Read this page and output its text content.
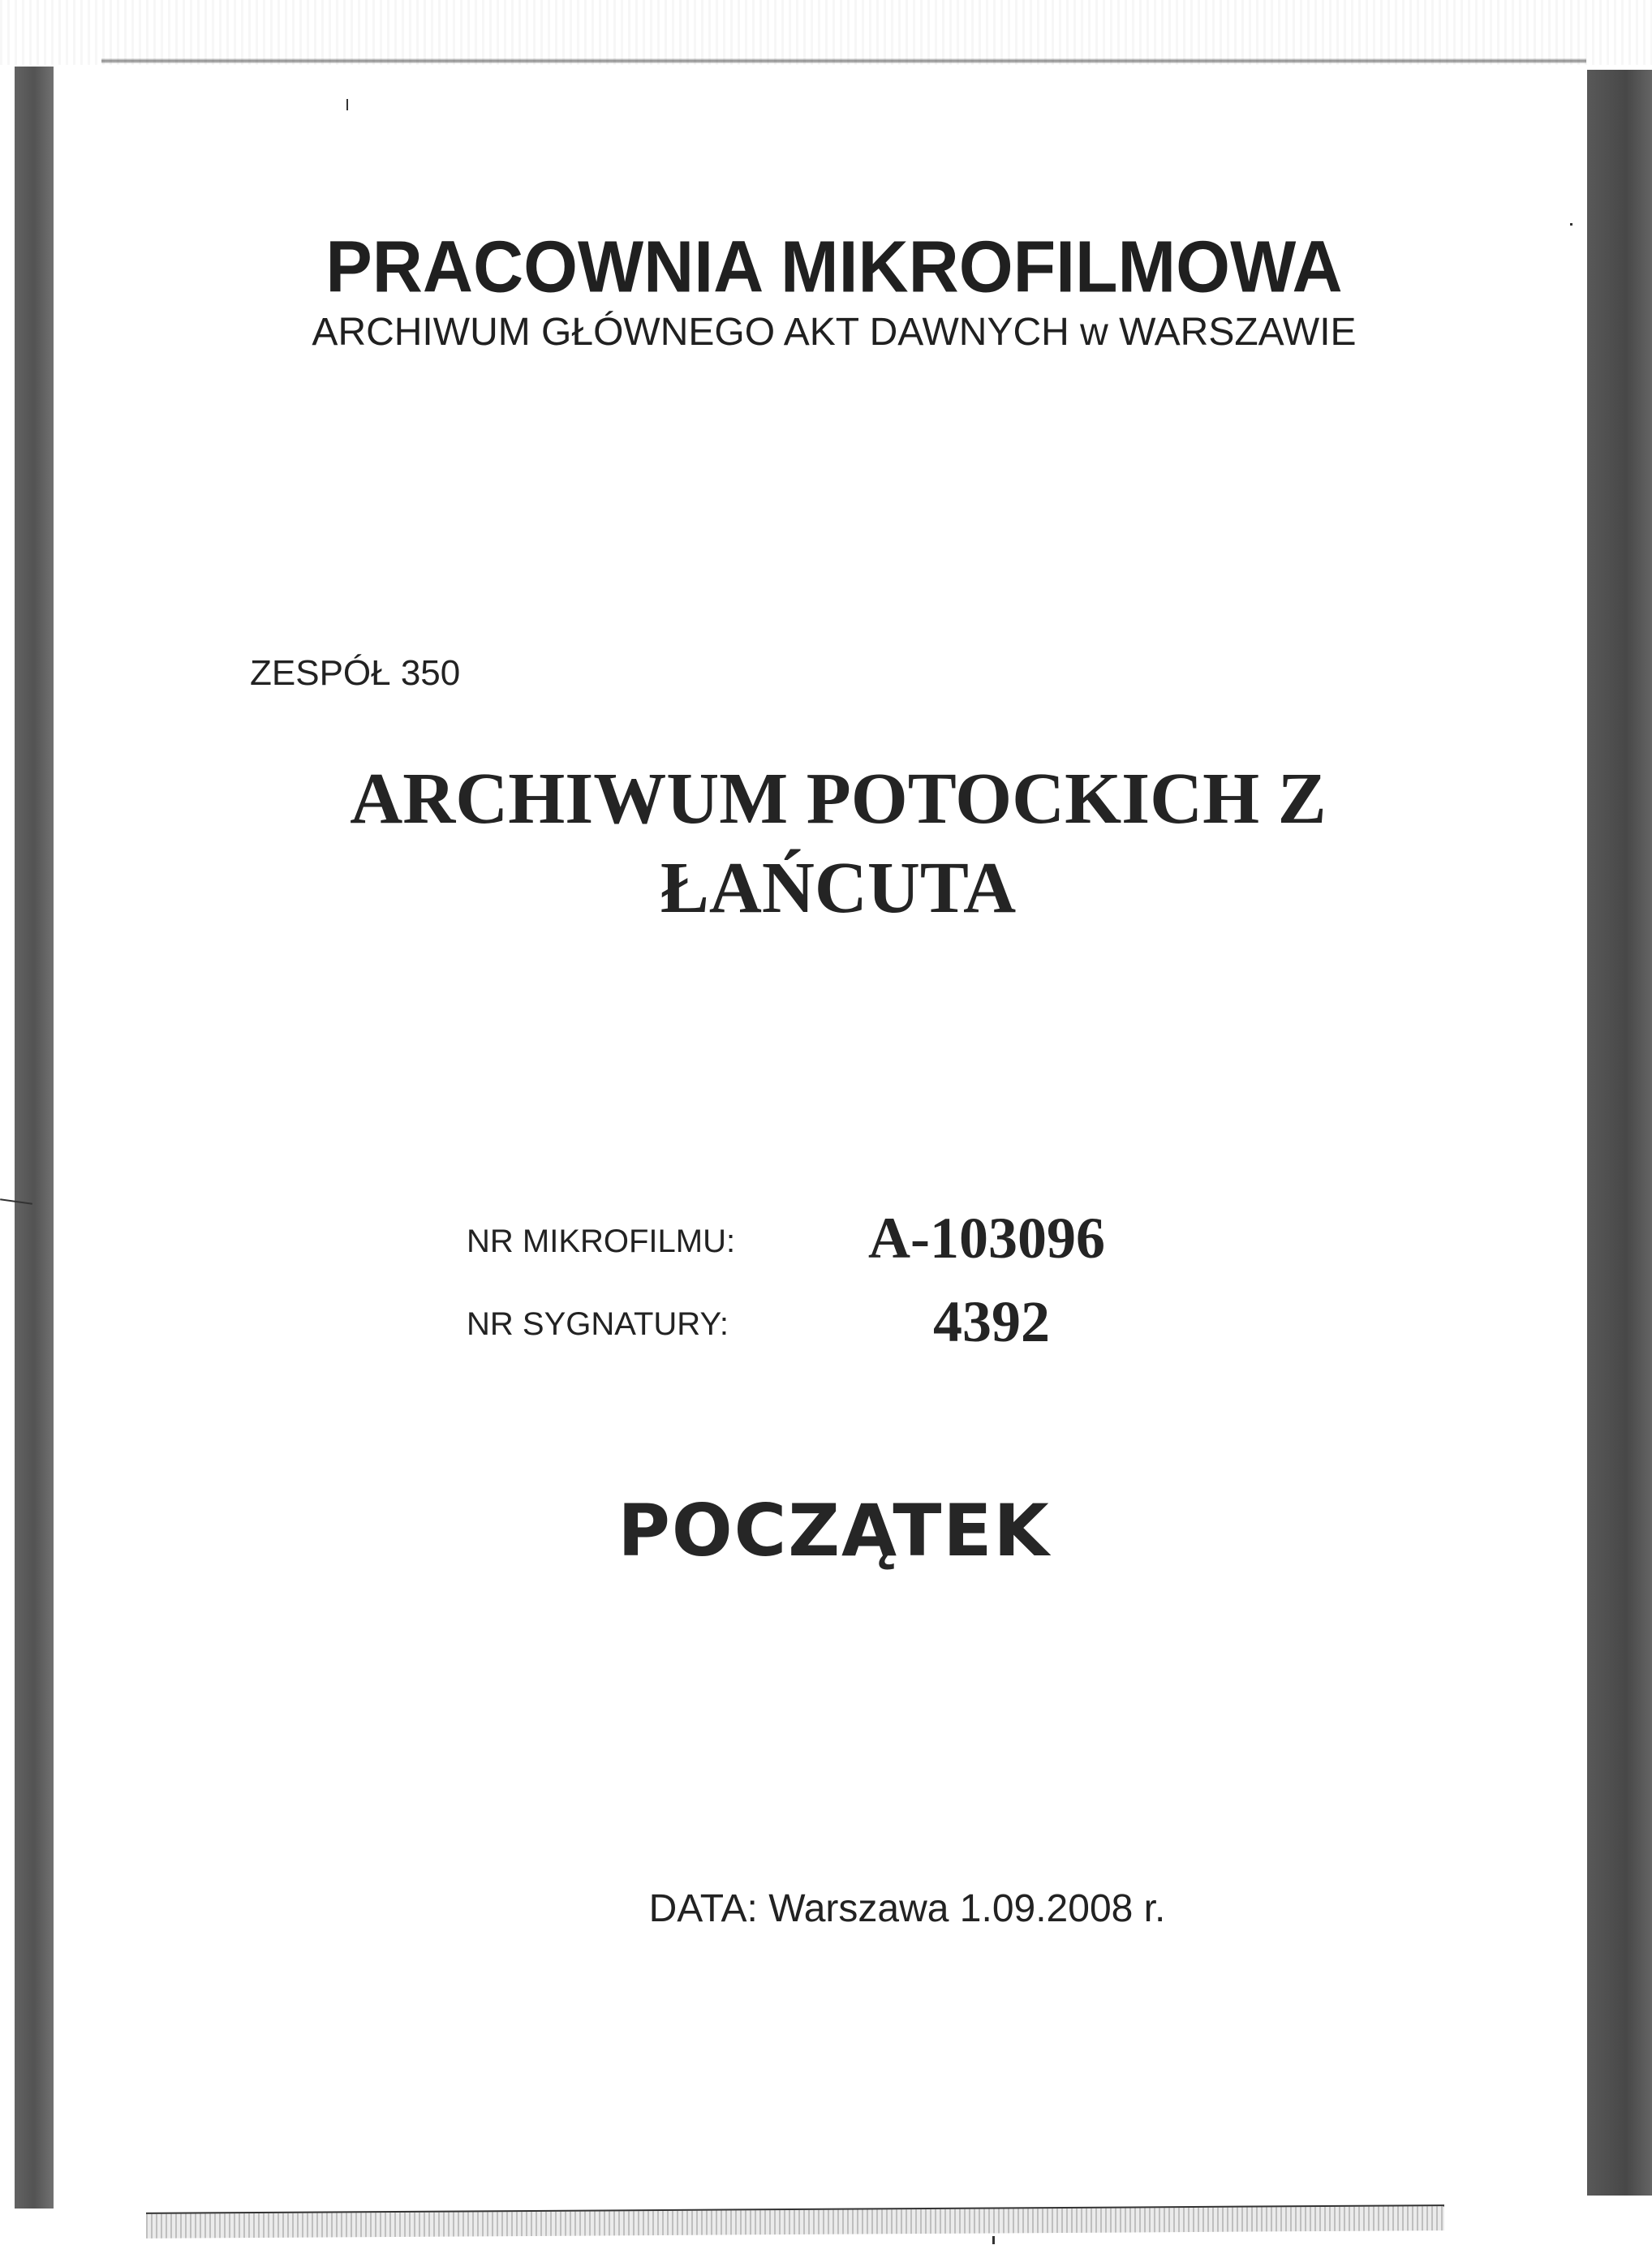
PRACOWNIA MIKROFILMOWA
ARCHIWUM GŁÓWNEGO AKT DAWNYCH w WARSZAWIE
ZESPÓŁ 350
ARCHIWUM POTOCKICH Z
ŁAŃCUTA
NR MIKROFILMU: A-103096
NR SYGNATURY:	4392
POCZĄTEK
DATA: Warszawa 1.09.2008 r.
